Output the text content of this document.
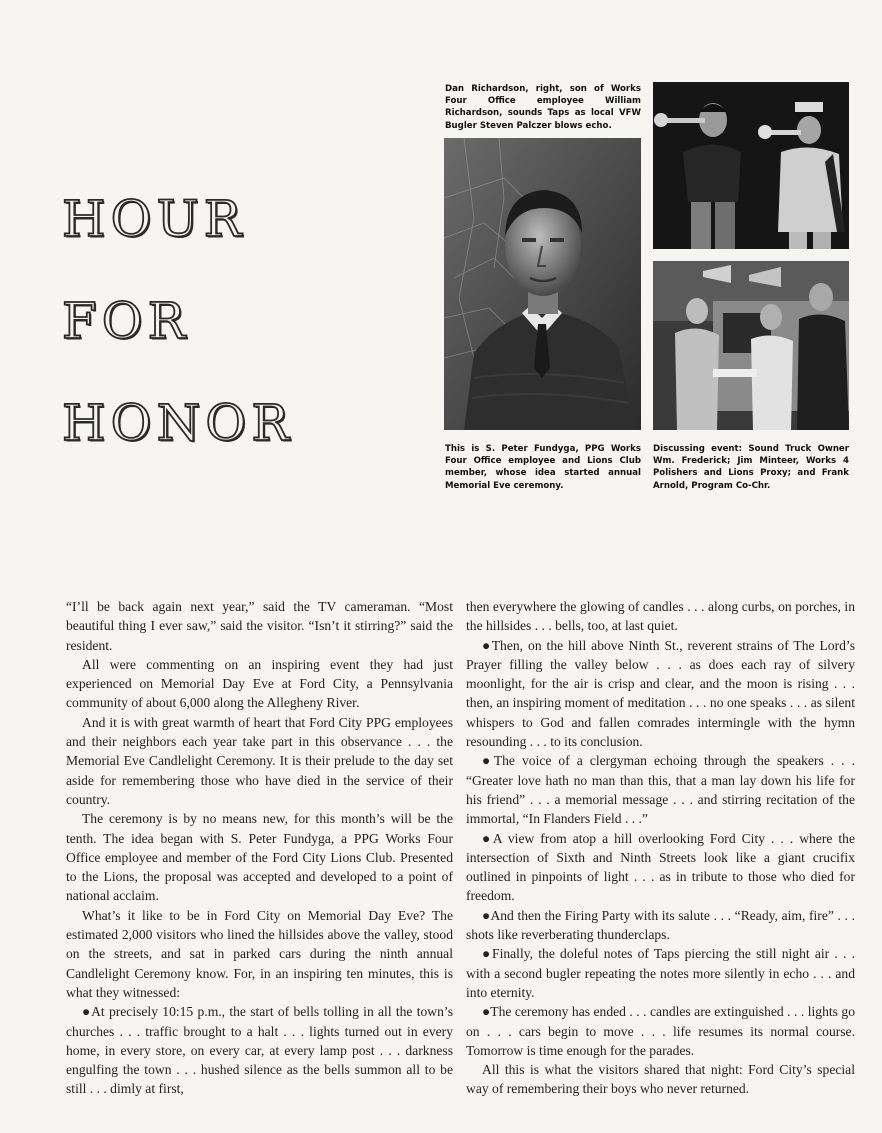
HOUR
FOR
HONOR

Dan Richardson, right, son of Works Four Office employee William Richardson, sounds Taps as local VFW Bugler Steven Palczer blows echo.

This is S. Peter Fundyga, PPG Works Four Office employee and Lions Club member, whose idea started annual Memorial Eve ceremony.

Discussing event: Sound Truck Owner Wm. Frederick; Jim Minteer, Works 4 Polishers and Lions Proxy; and Frank Arnold, Program Co-Chr.

“I’ll be back again next year,” said the TV cameraman. “Most beautiful thing I ever saw,” said the visitor. “Isn’t it stirring?” said the resident.

All were commenting on an inspiring event they had just experienced on Memorial Day Eve at Ford City, a Pennsylvania community of about 6,000 along the Allegheny River.

And it is with great warmth of heart that Ford City PPG employees and their neighbors each year take part in this observance . . . the Memorial Eve Candlelight Ceremony. It is their prelude to the day set aside for remembering those who have died in the service of their country.

The ceremony is by no means new, for this month’s will be the tenth. The idea began with S. Peter Fundyga, a PPG Works Four Office employee and member of the Ford City Lions Club. Presented to the Lions, the proposal was accepted and developed to a point of national acclaim.

What’s it like to be in Ford City on Memorial Day Eve? The estimated 2,000 visitors who lined the hillsides above the valley, stood on the streets, and sat in parked cars during the ninth annual Candlelight Ceremony know. For, in an inspiring ten minutes, this is what they witnessed:

●At precisely 10:15 p.m., the start of bells tolling in all the town’s churches . . . traffic brought to a halt . . . lights turned out in every home, in every store, on every car, at every lamp post . . . darkness engulfing the town . . . hushed silence as the bells summon all to be still . . . dimly at first,

then everywhere the glowing of candles . . . along curbs, on porches, in the hillsides . . . bells, too, at last quiet.

●Then, on the hill above Ninth St., reverent strains of The Lord’s Prayer filling the valley below . . . as does each ray of silvery moonlight, for the air is crisp and clear, and the moon is rising . . . then, an inspiring moment of meditation . . . no one speaks . . . as silent whispers to God and fallen comrades intermingle with the hymn resounding . . . to its conclusion.

●The voice of a clergyman echoing through the speakers . . . “Greater love hath no man than this, that a man lay down his life for his friend” . . . a memorial message . . . and stirring recitation of the immortal, “In Flanders Field . . .”

●A view from atop a hill overlooking Ford City . . . where the intersection of Sixth and Ninth Streets look like a giant crucifix outlined in pinpoints of light . . . as in tribute to those who died for freedom.

●And then the Firing Party with its salute . . . “Ready, aim, fire” . . . shots like reverberating thunderclaps.

●Finally, the doleful notes of Taps piercing the still night air . . . with a second bugler repeating the notes more silently in echo . . . and into eternity.

●The ceremony has ended . . . candles are extinguished . . . lights go on . . . cars begin to move . . . life resumes its normal course. Tomorrow is time enough for the parades.

All this is what the visitors shared that night: Ford City’s special way of remembering their boys who never returned.
